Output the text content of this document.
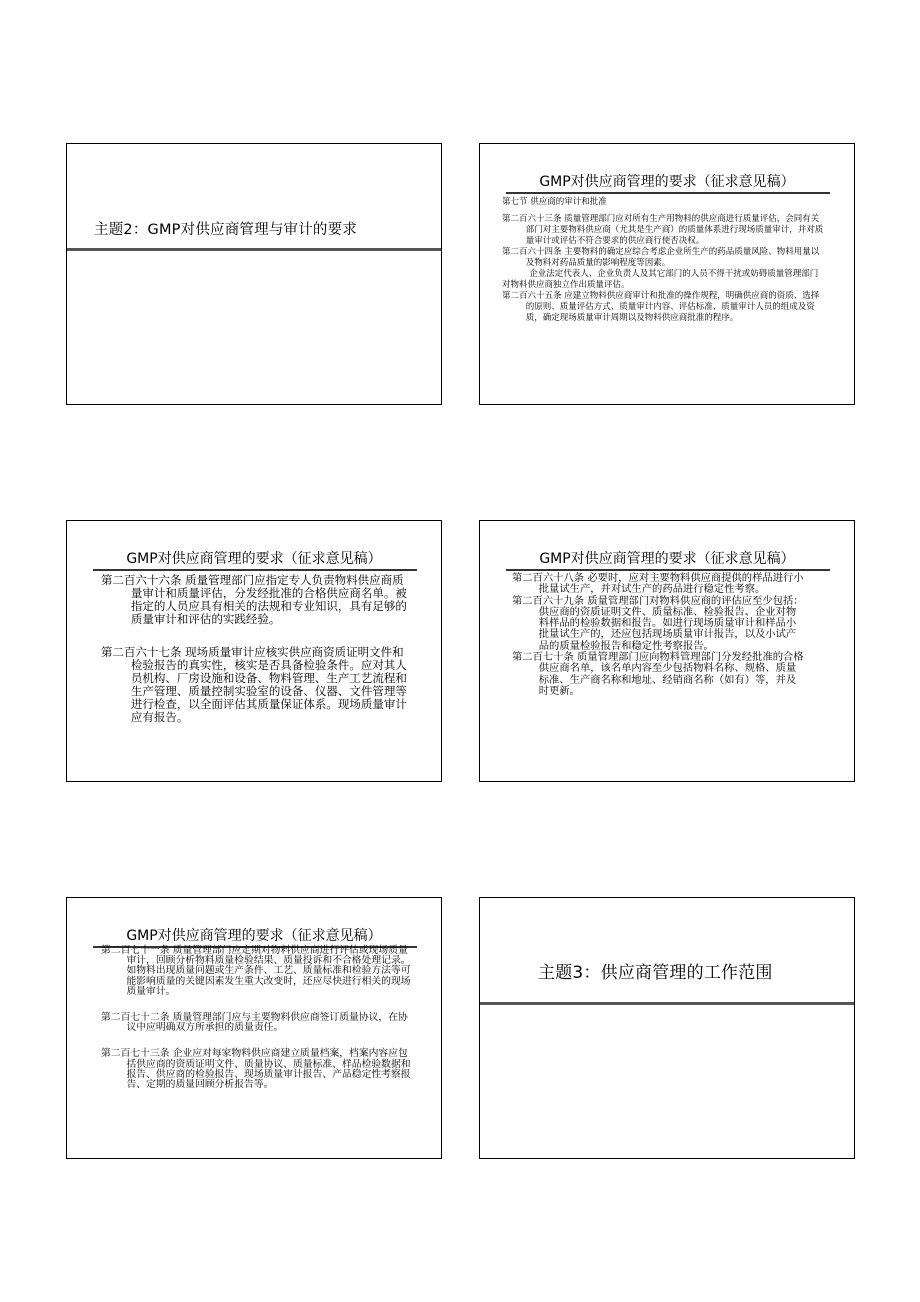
主题2：GMP对供应商管理与审计的要求
GMP对供应商管理的要求（征求意见稿）

第七节 供应商的审计和批准

第二百六十三条 质量管理部门应对所有生产用物料的供应商进行质量评估，会同有关部门对主要物料供应商（尤其是生产商）的质量体系进行现场质量审计，并对质量审计或评估不符合要求的供应商行使否决权。

第二百六十四条 主要物料的确定应综合考虑企业所生产的药品质量风险、物料用量以及物料对药品质量的影响程度等因素。

企业法定代表人、企业负责人及其它部门的人员不得干扰或妨碍质量管理部门对物料供应商独立作出质量评估。

第二百六十五条 应建立物料供应商审计和批准的操作规程，明确供应商的资质、选择的原则、质量评估方式、质量审计内容、评估标准、质量审计人员的组成及资质，确定现场质量审计周期以及物料供应商批准的程序。

GMP对供应商管理的要求（征求意见稿）

第二百六十六条 质量管理部门应指定专人负责物料供应商质量审计和质量评估，分发经批准的合格供应商名单。被指定的人员应具有相关的法规和专业知识，具有足够的质量审计和评估的实践经验。

第二百六十七条 现场质量审计应核实供应商资质证明文件和检验报告的真实性，核实是否具备检验条件。应对其人员机构、厂房设施和设备、物料管理、生产工艺流程和生产管理、质量控制实验室的设备、仪器、文件管理等进行检查，以全面评估其质量保证体系。现场质量审计应有报告。

GMP对供应商管理的要求（征求意见稿）

第二百六十八条 必要时，应对主要物料供应商提供的样品进行小批量试生产，并对试生产的药品进行稳定性考察。

第二百六十九条 质量管理部门对物料供应商的评估应至少包括：供应商的资质证明文件、质量标准、检验报告、企业对物料样品的检验数据和报告。如进行现场质量审计和样品小批量试生产的，还应包括现场质量审计报告，以及小试产品的质量检验报告和稳定性考察报告。

第二百七十条 质量管理部门应向物料管理部门分发经批准的合格供应商名单，该名单内容至少包括物料名称、规格、质量标准、生产商名称和地址、经销商名称（如有）等，并及时更新。

GMP对供应商管理的要求（征求意见稿）

第二百七十一条 质量管理部门应定期对物料供应商进行评估或现场质量审计，回顾分析物料质量检验结果、质量投诉和不合格处理记录。如物料出现质量问题或生产条件、工艺、质量标准和检验方法等可能影响质量的关键因素发生重大改变时，还应尽快进行相关的现场质量审计。

第二百七十二条 质量管理部门应与主要物料供应商签订质量协议，在协议中应明确双方所承担的质量责任。

第二百七十三条 企业应对每家物料供应商建立质量档案，档案内容应包括供应商的资质证明文件、质量协议、质量标准、样品检验数据和报告、供应商的检验报告、现场质量审计报告、产品稳定性考察报告、定期的质量回顾分析报告等。

主题3：供应商管理的工作范围
